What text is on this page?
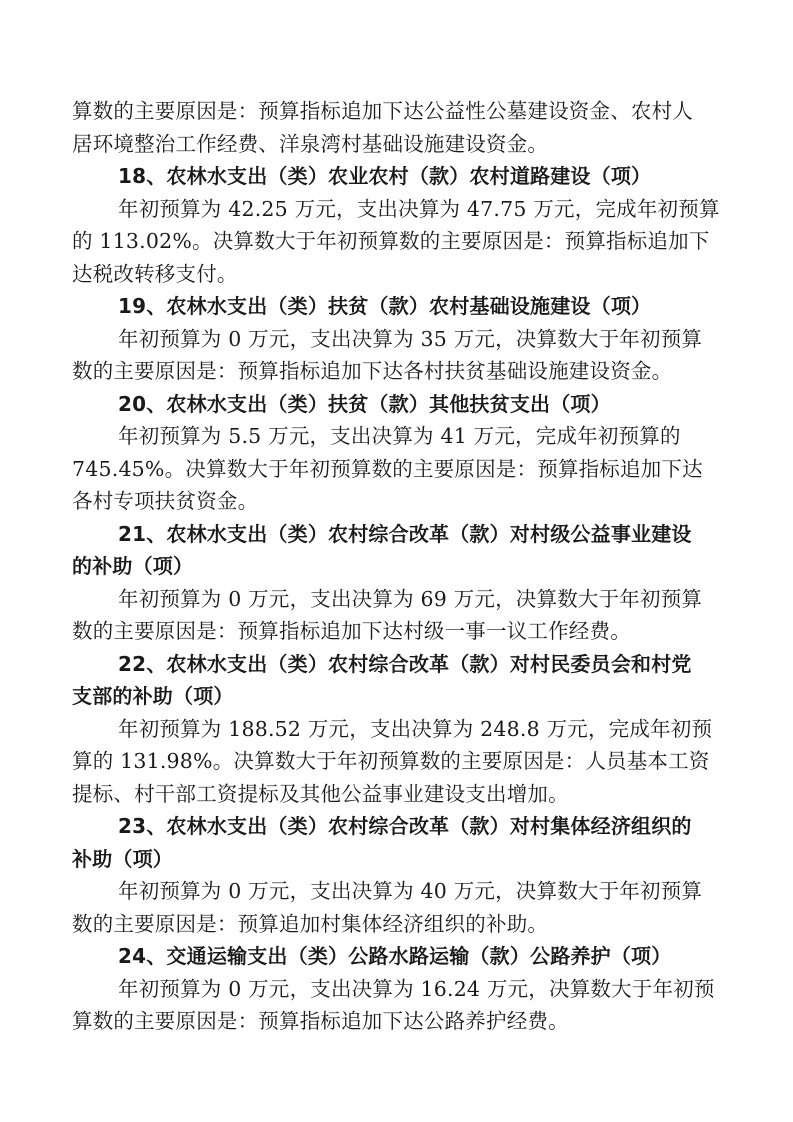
算数的主要原因是：预算指标追加下达公益性公墓建设资金、农村人
居环境整治工作经费、洋泉湾村基础设施建设资金。
18、农林水支出（类）农业农村（款）农村道路建设（项）
年初预算为 42.25 万元，支出决算为 47.75 万元，完成年初预算
的 113.02%。决算数大于年初预算数的主要原因是：预算指标追加下
达税改转移支付。
19、农林水支出（类）扶贫（款）农村基础设施建设（项）
年初预算为 0 万元，支出决算为 35 万元，决算数大于年初预算
数的主要原因是：预算指标追加下达各村扶贫基础设施建设资金。
20、农林水支出（类）扶贫（款）其他扶贫支出（项）
年初预算为 5.5 万元，支出决算为 41 万元，完成年初预算的
745.45%。决算数大于年初预算数的主要原因是：预算指标追加下达
各村专项扶贫资金。
21、农林水支出（类）农村综合改革（款）对村级公益事业建设
的补助（项）
年初预算为 0 万元，支出决算为 69 万元，决算数大于年初预算
数的主要原因是：预算指标追加下达村级一事一议工作经费。
22、农林水支出（类）农村综合改革（款）对村民委员会和村党
支部的补助（项）
年初预算为 188.52 万元，支出决算为 248.8 万元，完成年初预
算的 131.98%。决算数大于年初预算数的主要原因是：人员基本工资
提标、村干部工资提标及其他公益事业建设支出增加。
23、农林水支出（类）农村综合改革（款）对村集体经济组织的
补助（项）
年初预算为 0 万元，支出决算为 40 万元，决算数大于年初预算
数的主要原因是：预算追加村集体经济组织的补助。
24、交通运输支出（类）公路水路运输（款）公路养护（项）
年初预算为 0 万元，支出决算为 16.24 万元，决算数大于年初预
算数的主要原因是：预算指标追加下达公路养护经费。
